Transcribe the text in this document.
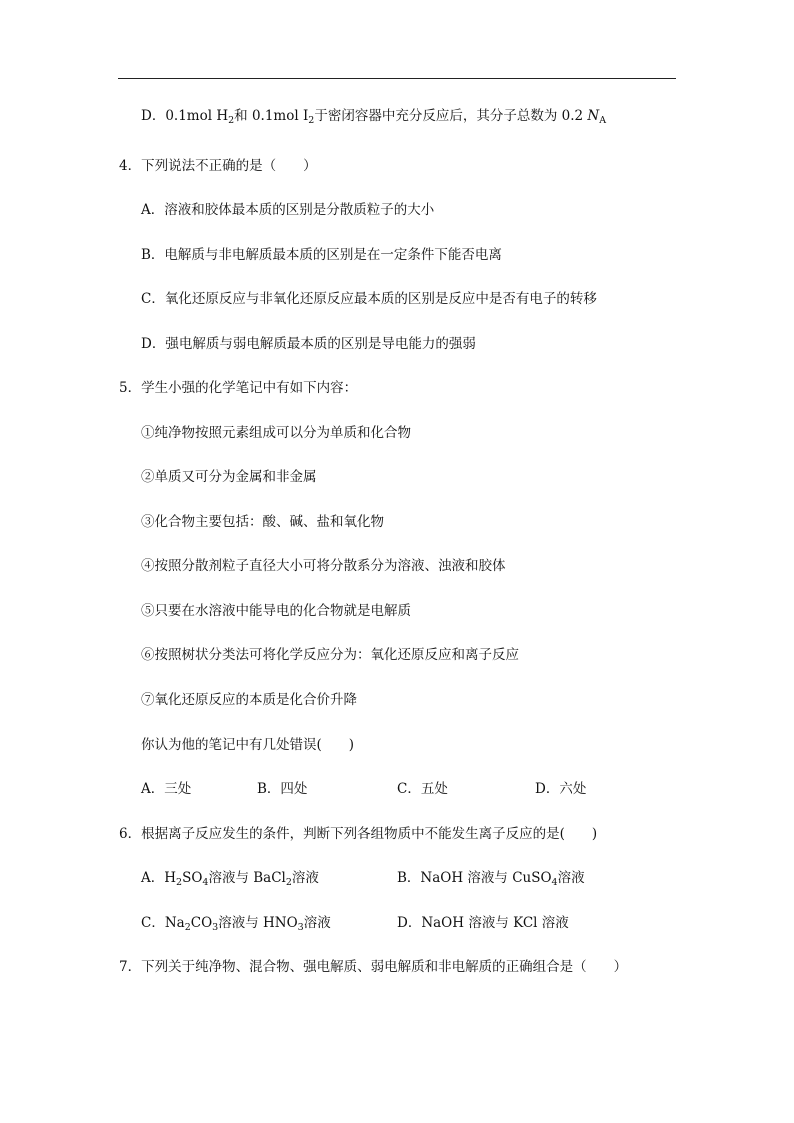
D．0.1mol $H_2$和 0.1mol $I_2$于密闭容器中充分反应后，其分子总数为 0.2 $N_A$
4．下列说法不正确的是（　　）
A．溶液和胶体最本质的区别是分散质粒子的大小
B．电解质与非电解质最本质的区别是在一定条件下能否电离
C．氧化还原反应与非氧化还原反应最本质的区别是反应中是否有电子的转移
D．强电解质与弱电解质最本质的区别是导电能力的强弱
5．学生小强的化学笔记中有如下内容：
①纯净物按照元素组成可以分为单质和化合物
②单质又可分为金属和非金属
③化合物主要包括：酸、碱、盐和氧化物
④按照分散剂粒子直径大小可将分散系分为溶液、浊液和胶体
⑤只要在水溶液中能导电的化合物就是电解质
⑥按照树状分类法可将化学反应分为：氧化还原反应和离子反应
⑦氧化还原反应的本质是化合价升降
你认为他的笔记中有几处错误(　　)
A．三处	B．四处	C．五处	D．六处
6．根据离子反应发生的条件，判断下列各组物质中不能发生离子反应的是(　　)
A．$H_2SO_4$溶液与 BaCl$_2$溶液	B．NaOH 溶液与 CuSO$_4$溶液
C．$Na_2CO_3$溶液与 $HNO_3$溶液	D．NaOH 溶液与 KCl 溶液
7．下列关于纯净物、混合物、强电解质、弱电解质和非电解质的正确组合是（　　）
